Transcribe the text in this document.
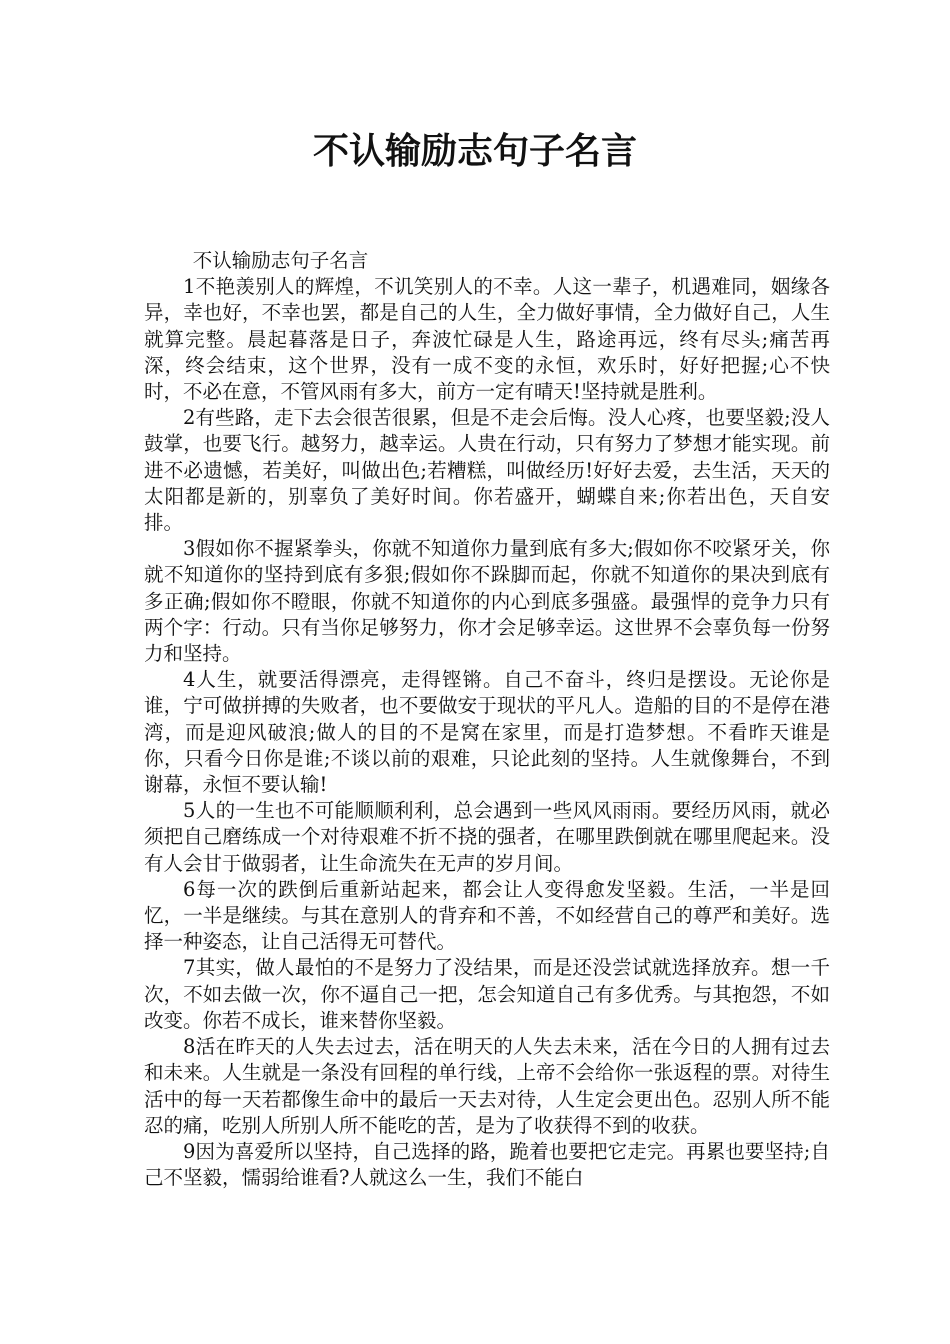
不认输励志句子名言

不认输励志句子名言

1不艳羡别人的辉煌，不讥笑别人的不幸。人这一辈子，机遇难同，姻缘各异，幸也好，不幸也罢，都是自己的人生，全力做好事情，全力做好自己，人生就算完整。晨起暮落是日子，奔波忙碌是人生，路途再远，终有尽头;痛苦再深，终会结束，这个世界，没有一成不变的永恒，欢乐时，好好把握;心不快时，不必在意，不管风雨有多大，前方一定有晴天!坚持就是胜利。

2有些路，走下去会很苦很累，但是不走会后悔。没人心疼，也要坚毅;没人鼓掌，也要飞行。越努力，越幸运。人贵在行动，只有努力了梦想才能实现。前进不必遗憾，若美好，叫做出色;若糟糕，叫做经历!好好去爱，去生活，天天的太阳都是新的，别辜负了美好时间。你若盛开，蝴蝶自来;你若出色，天自安排。

3假如你不握紧拳头，你就不知道你力量到底有多大;假如你不咬紧牙关，你就不知道你的坚持到底有多狠;假如你不跺脚而起，你就不知道你的果决到底有多正确;假如你不瞪眼，你就不知道你的内心到底多强盛。最强悍的竞争力只有两个字：行动。只有当你足够努力，你才会足够幸运。这世界不会辜负每一份努力和坚持。

4人生，就要活得漂亮，走得铿锵。自己不奋斗，终归是摆设。无论你是谁，宁可做拼搏的失败者，也不要做安于现状的平凡人。造船的目的不是停在港湾，而是迎风破浪;做人的目的不是窝在家里，而是打造梦想。不看昨天谁是你，只看今日你是谁;不谈以前的艰难，只论此刻的坚持。人生就像舞台，不到谢幕，永恒不要认输!

5人的一生也不可能顺顺利利，总会遇到一些风风雨雨。要经历风雨，就必须把自己磨练成一个对待艰难不折不挠的强者，在哪里跌倒就在哪里爬起来。没有人会甘于做弱者，让生命流失在无声的岁月间。

6每一次的跌倒后重新站起来，都会让人变得愈发坚毅。生活，一半是回忆，一半是继续。与其在意别人的背弃和不善，不如经营自己的尊严和美好。选择一种姿态，让自己活得无可替代。

7其实，做人最怕的不是努力了没结果，而是还没尝试就选择放弃。想一千次，不如去做一次，你不逼自己一把，怎会知道自己有多优秀。与其抱怨，不如改变。你若不成长，谁来替你坚毅。

8活在昨天的人失去过去，活在明天的人失去未来，活在今日的人拥有过去和未来。人生就是一条没有回程的单行线，上帝不会给你一张返程的票。对待生活中的每一天若都像生命中的最后一天去对待，人生定会更出色。忍别人所不能忍的痛，吃别人所别人所不能吃的苦，是为了收获得不到的收获。

9因为喜爱所以坚持，自己选择的路，跪着也要把它走完。再累也要坚持;自己不坚毅，懦弱给谁看?人就这么一生，我们不能白
